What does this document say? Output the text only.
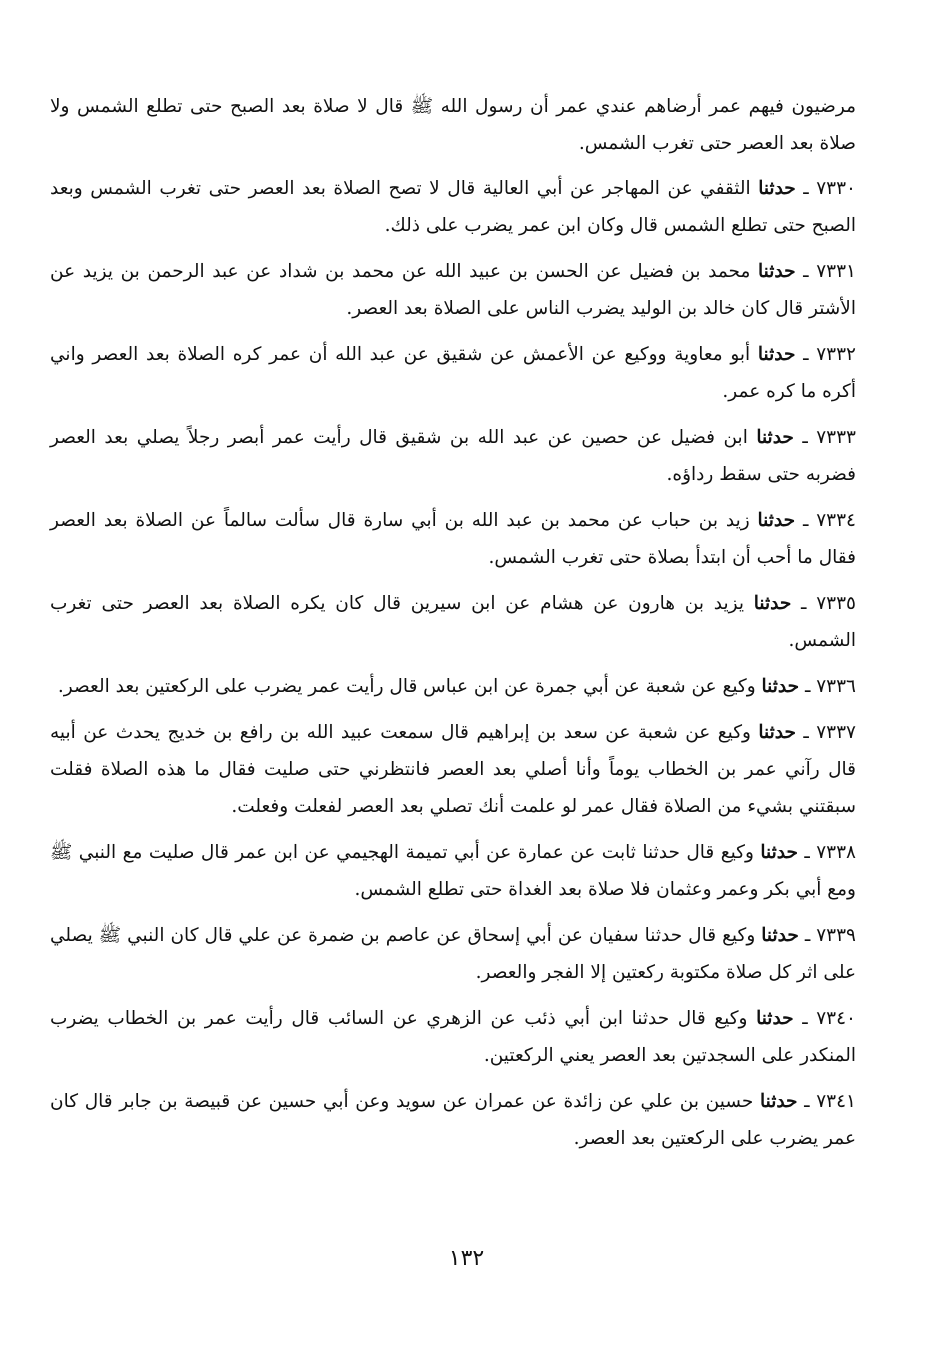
مرضيون فيهم عمر أرضاهم عندي عمر أن رسول الله ﷺ قال لا صلاة بعد الصبح حتى تطلع الشمس ولا صلاة بعد العصر حتى تغرب الشمس.

٧٣٣٠ ـ حدثنا الثقفي عن المهاجر عن أبي العالية قال لا تصح الصلاة بعد العصر حتى تغرب الشمس وبعد الصبح حتى تطلع الشمس قال وكان ابن عمر يضرب على ذلك.

٧٣٣١ ـ حدثنا محمد بن فضيل عن الحسن بن عبيد الله عن محمد بن شداد عن عبد الرحمن بن يزيد عن الأشتر قال كان خالد بن الوليد يضرب الناس على الصلاة بعد العصر.

٧٣٣٢ ـ حدثنا أبو معاوية ووكيع عن الأعمش عن شقيق عن عبد الله أن عمر كره الصلاة بعد العصر واني أكره ما كره عمر.

٧٣٣٣ ـ حدثنا ابن فضيل عن حصين عن عبد الله بن شقيق قال رأيت عمر أبصر رجلاً يصلي بعد العصر فضربه حتى سقط رداؤه.

٧٣٣٤ ـ حدثنا زيد بن حباب عن محمد بن عبد الله بن أبي سارة قال سألت سالماً عن الصلاة بعد العصر فقال ما أحب أن ابتدأ بصلاة حتى تغرب الشمس.

٧٣٣٥ ـ حدثنا يزيد بن هارون عن هشام عن ابن سيرين قال كان يكره الصلاة بعد العصر حتى تغرب الشمس.

٧٣٣٦ ـ حدثنا وكيع عن شعبة عن أبي جمرة عن ابن عباس قال رأيت عمر يضرب على الركعتين بعد العصر.

٧٣٣٧ ـ حدثنا وكيع عن شعبة عن سعد بن إبراهيم قال سمعت عبيد الله بن رافع بن خديج يحدث عن أبيه قال رآني عمر بن الخطاب يوماً وأنا أصلي بعد العصر فانتظرني حتى صليت فقال ما هذه الصلاة فقلت سبقتني بشيء من الصلاة فقال عمر لو علمت أنك تصلي بعد العصر لفعلت وفعلت.

٧٣٣٨ ـ حدثنا وكيع قال حدثنا ثابت عن عمارة عن أبي تميمة الهجيمي عن ابن عمر قال صليت مع النبي ﷺ ومع أبي بكر وعمر وعثمان فلا صلاة بعد الغداة حتى تطلع الشمس.

٧٣٣٩ ـ حدثنا وكيع قال حدثنا سفيان عن أبي إسحاق عن عاصم بن ضمرة عن علي قال كان النبي ﷺ يصلي على اثر كل صلاة مكتوبة ركعتين إلا الفجر والعصر.

٧٣٤٠ ـ حدثنا وكيع قال حدثنا ابن أبي ذئب عن الزهري عن السائب قال رأيت عمر بن الخطاب يضرب المنكدر على السجدتين بعد العصر يعني الركعتين.

٧٣٤١ ـ حدثنا حسين بن علي عن زائدة عن عمران عن سويد وعن أبي حسين عن قبيصة بن جابر قال كان عمر يضرب على الركعتين بعد العصر.

١٣٢
